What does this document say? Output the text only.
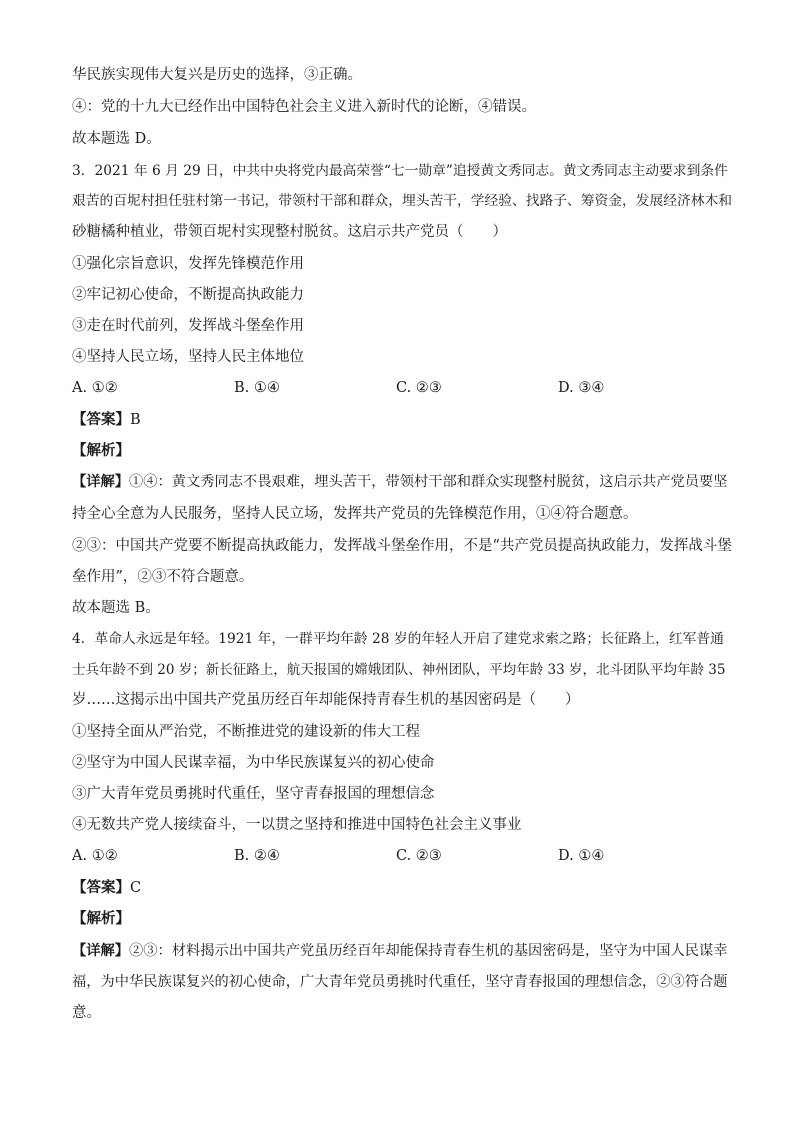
华民族实现伟大复兴是历史的选择，③正确。
④：党的十九大已经作出中国特色社会主义进入新时代的论断，④错误。
故本题选 D。
3．2021 年 6 月 29 日，中共中央将党内最高荣誉“七一勋章”追授黄文秀同志。黄文秀同志主动要求到条件
艰苦的百坭村担任驻村第一书记，带领村干部和群众，埋头苦干，学经验、找路子、筹资金，发展经济林木和
砂糖橘种植业，带领百坭村实现整村脱贫。这启示共产党员（　　）
①强化宗旨意识，发挥先锋模范作用
②牢记初心使命，不断提高执政能力
③走在时代前列，发挥战斗堡垒作用
④坚持人民立场，坚持人民主体地位
A. ①②	B. ①④	C. ②③	D. ③④
【答案】B
【解析】
【详解】①④：黄文秀同志不畏艰难，埋头苦干，带领村干部和群众实现整村脱贫，这启示共产党员要坚
持全心全意为人民服务，坚持人民立场，发挥共产党员的先锋模范作用，①④符合题意。
②③：中国共产党要不断提高执政能力，发挥战斗堡垒作用，不是“共产党员提高执政能力，发挥战斗堡
垒作用”，②③不符合题意。
故本题选 B。
4．革命人永远是年轻。1921 年，一群平均年龄 28 岁的年轻人开启了建党求索之路；长征路上，红军普通
士兵年龄不到 20 岁；新长征路上，航天报国的嫦娥团队、神州团队，平均年龄 33 岁，北斗团队平均年龄 35
岁……这揭示出中国共产党虽历经百年却能保持青春生机的基因密码是（　　）
①坚持全面从严治党，不断推进党的建设新的伟大工程
②坚守为中国人民谋幸福，为中华民族谋复兴的初心使命
③广大青年党员勇挑时代重任，坚守青春报国的理想信念
④无数共产党人接续奋斗，一以贯之坚持和推进中国特色社会主义事业
A. ①②	B. ②④	C. ②③	D. ①④
【答案】C
【解析】
【详解】②③：材料揭示出中国共产党虽历经百年却能保持青春生机的基因密码是，坚守为中国人民谋幸
福，为中华民族谋复兴的初心使命，广大青年党员勇挑时代重任，坚守青春报国的理想信念，②③符合题
意。
